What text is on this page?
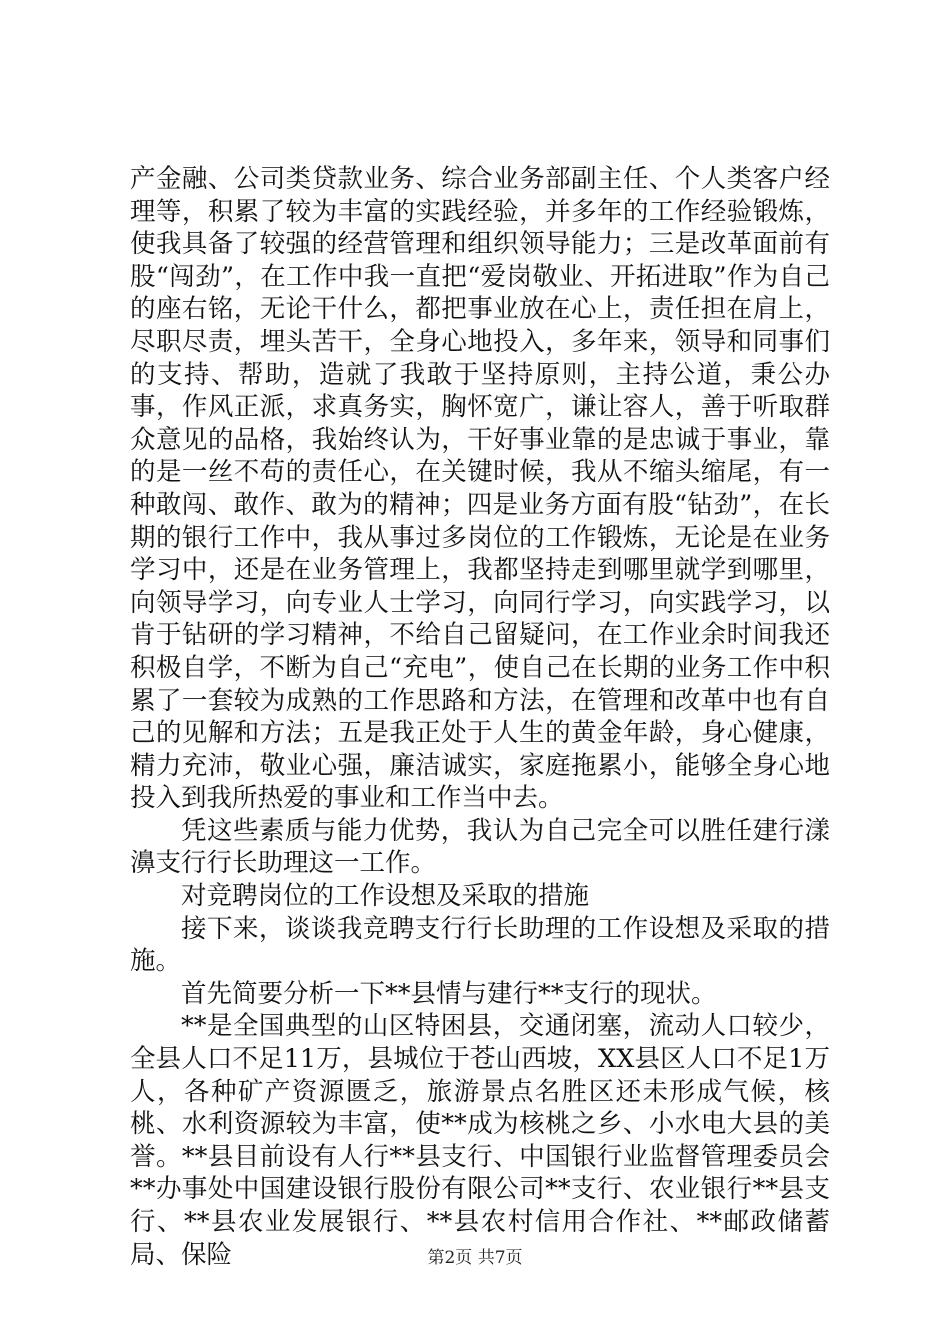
产金融、公司类贷款业务、综合业务部副主任、个人类客户经理等，积累了较为丰富的实践经验，并多年的工作经验锻炼，使我具备了较强的经营管理和组织领导能力；三是改革面前有股“闯劲”，在工作中我一直把“爱岗敬业、开拓进取”作为自己的座右铭，无论干什么，都把事业放在心上，责任担在肩上，尽职尽责，埋头苦干，全身心地投入，多年来，领导和同事们的支持、帮助，造就了我敢于坚持原则，主持公道，秉公办事，作风正派，求真务实，胸怀宽广，谦让容人，善于听取群众意见的品格，我始终认为，干好事业靠的是忠诚于事业，靠的是一丝不苟的责任心，在关键时候，我从不缩头缩尾，有一种敢闯、敢作、敢为的精神；四是业务方面有股“钻劲”，在长期的银行工作中，我从事过多岗位的工作锻炼，无论是在业务学习中，还是在业务管理上，我都坚持走到哪里就学到哪里，向领导学习，向专业人士学习，向同行学习，向实践学习，以肯于钻研的学习精神，不给自己留疑问，在工作业余时间我还积极自学，不断为自己“充电”，使自己在长期的业务工作中积累了一套较为成熟的工作思路和方法，在管理和改革中也有自己的见解和方法；五是我正处于人生的黄金年龄，身心健康，精力充沛，敬业心强，廉洁诚实，家庭拖累小，能够全身心地投入到我所热爱的事业和工作当中去。

凭这些素质与能力优势，我认为自己完全可以胜任建行漾濞支行行长助理这一工作。

对竞聘岗位的工作设想及采取的措施

接下来，谈谈我竞聘支行行长助理的工作设想及采取的措施。

首先简要分析一下**县情与建行**支行的现状。

**是全国典型的山区特困县，交通闭塞，流动人口较少，全县人口不足11万，县城位于苍山西坡，XX县区人口不足1万人，各种矿产资源匮乏，旅游景点名胜区还未形成气候，核桃、水利资源较为丰富，使**成为核桃之乡、小水电大县的美誉。**县目前设有人行**县支行、中国银行业监督管理委员会**办事处中国建设银行股份有限公司**支行、农业银行**县支行、**县农业发展银行、**县农村信用合作社、**邮政储蓄局、保险	第2页 共7页
